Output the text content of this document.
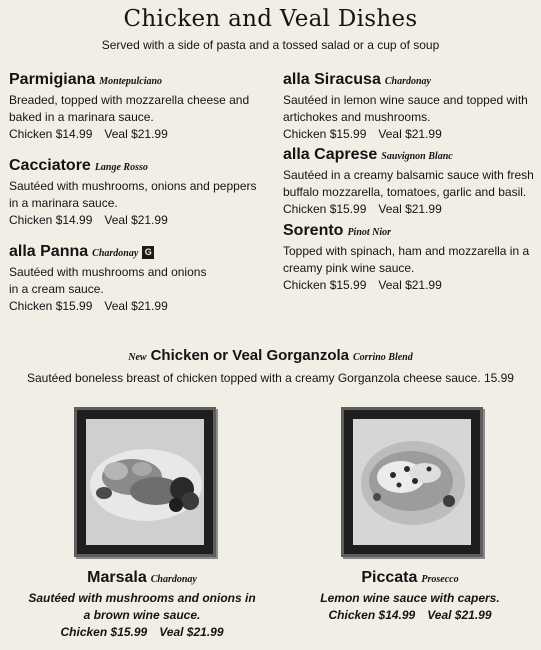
Chicken and Veal Dishes
Served with a side of pasta and a tossed salad or a cup of soup
Parmigiana Montepulciano
Breaded, topped with mozzarella cheese and baked in a marinara sauce.
Chicken $14.99 Veal $21.99
Cacciatore Lange Rosso
Sautéed with mushrooms, onions and peppers in a marinara sauce.
Chicken $14.99 Veal $21.99
alla Panna Chardonay G
Sautéed with mushrooms and onions in a cream sauce.
Chicken $15.99 Veal $21.99
alla Siracusa Chardonay
Sautéed in lemon wine sauce and topped with artichokes and mushrooms.
Chicken $15.99 Veal $21.99
alla Caprese Sauvignon Blanc
Sautéed in a creamy balsamic sauce with fresh buffalo mozzarella, tomatoes, garlic and basil.
Chicken $15.99 Veal $21.99
Sorento Pinot Nior
Topped with spinach, ham and mozzarella in a creamy pink wine sauce.
Chicken $15.99 Veal $21.99
New Chicken or Veal Gorganzola Corrino Blend
Sautéed boneless breast of chicken topped with a creamy Gorganzola cheese sauce. 15.99
Marsala Chardonay
Sautéed with mushrooms and onions in
a brown wine sauce.
Chicken $15.99 Veal $21.99
Piccata Prosecco
Lemon wine sauce with capers.
Chicken $14.99 Veal $21.99
